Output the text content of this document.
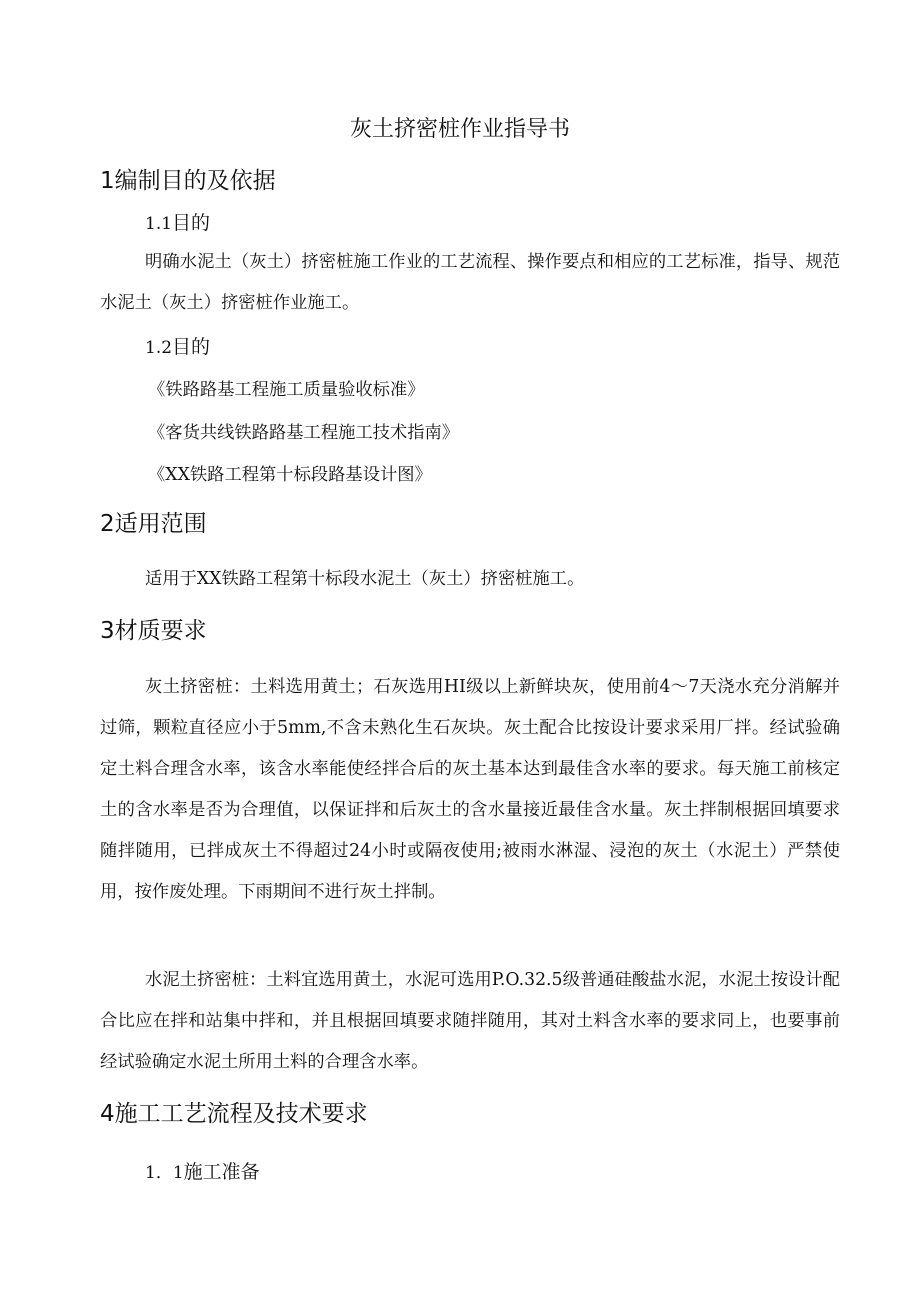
灰土挤密桩作业指导书
1编制目的及依据
1.1目的
明确水泥土（灰土）挤密桩施工作业的工艺流程、操作要点和相应的工艺标准，指导、规范水泥土（灰土）挤密桩作业施工。
1.2目的
《铁路路基工程施工质量验收标准》
《客货共线铁路路基工程施工技术指南》
《XX铁路工程第十标段路基设计图》
2适用范围
适用于XX铁路工程第十标段水泥土（灰土）挤密桩施工。
3材质要求
灰土挤密桩：土料选用黄土；石灰选用HI级以上新鲜块灰，使用前4～7天浇水充分消解并过筛，颗粒直径应小于5mm,不含未熟化生石灰块。灰土配合比按设计要求采用厂拌。经试验确定土料合理含水率，该含水率能使经拌合后的灰土基本达到最佳含水率的要求。每天施工前核定土的含水率是否为合理值，以保证拌和后灰土的含水量接近最佳含水量。灰土拌制根据回填要求随拌随用，已拌成灰土不得超过24小时或隔夜使用;被雨水淋湿、浸泡的灰土（水泥土）严禁使用，按作废处理。下雨期间不进行灰土拌制。
水泥土挤密桩：土料宜选用黄土，水泥可选用P.O.32.5级普通硅酸盐水泥，水泥土按设计配合比应在拌和站集中拌和，并且根据回填要求随拌随用，其对土料含水率的要求同上，也要事前经试验确定水泥土所用土料的合理含水率。
4施工工艺流程及技术要求
1．1施工准备
